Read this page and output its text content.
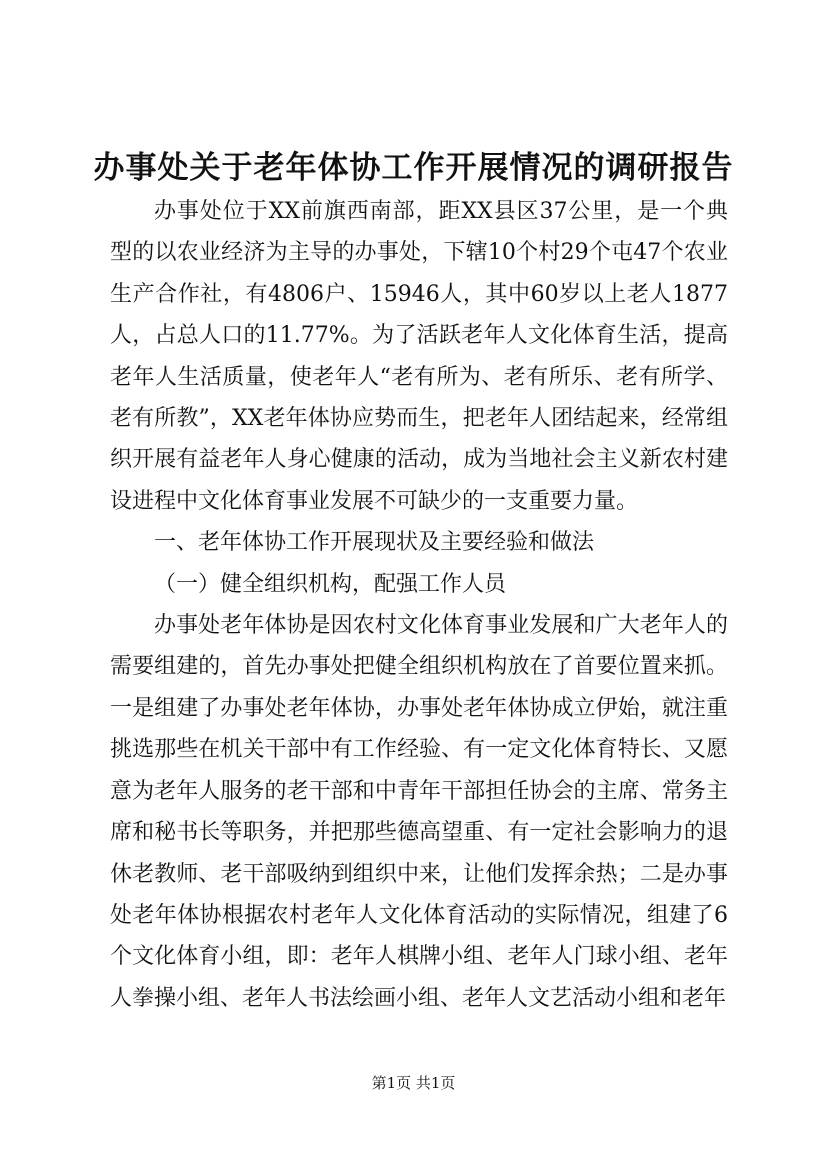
办事处关于老年体协工作开展情况的调研报告

办事处位于XX前旗西南部，距XX县区37公里，是一个典型的以农业经济为主导的办事处，下辖10个村29个屯47个农业生产合作社，有4806户、15946人，其中60岁以上老人1877人，占总人口的11.77%。为了活跃老年人文化体育生活，提高老年人生活质量，使老年人“老有所为、老有所乐、老有所学、老有所教”，XX老年体协应势而生，把老年人团结起来，经常组织开展有益老年人身心健康的活动，成为当地社会主义新农村建设进程中文化体育事业发展不可缺少的一支重要力量。

一、老年体协工作开展现状及主要经验和做法

（一）健全组织机构，配强工作人员

办事处老年体协是因农村文化体育事业发展和广大老年人的需要组建的，首先办事处把健全组织机构放在了首要位置来抓。一是组建了办事处老年体协，办事处老年体协成立伊始，就注重挑选那些在机关干部中有工作经验、有一定文化体育特长、又愿意为老年人服务的老干部和中青年干部担任协会的主席、常务主席和秘书长等职务，并把那些德高望重、有一定社会影响力的退休老教师、老干部吸纳到组织中来，让他们发挥余热；二是办事处老年体协根据农村老年人文化体育活动的实际情况，组建了6个文化体育小组，即：老年人棋牌小组、老年人门球小组、老年人拳操小组、老年人书法绘画小组、老年人文艺活动小组和老年

第1页 共1页
